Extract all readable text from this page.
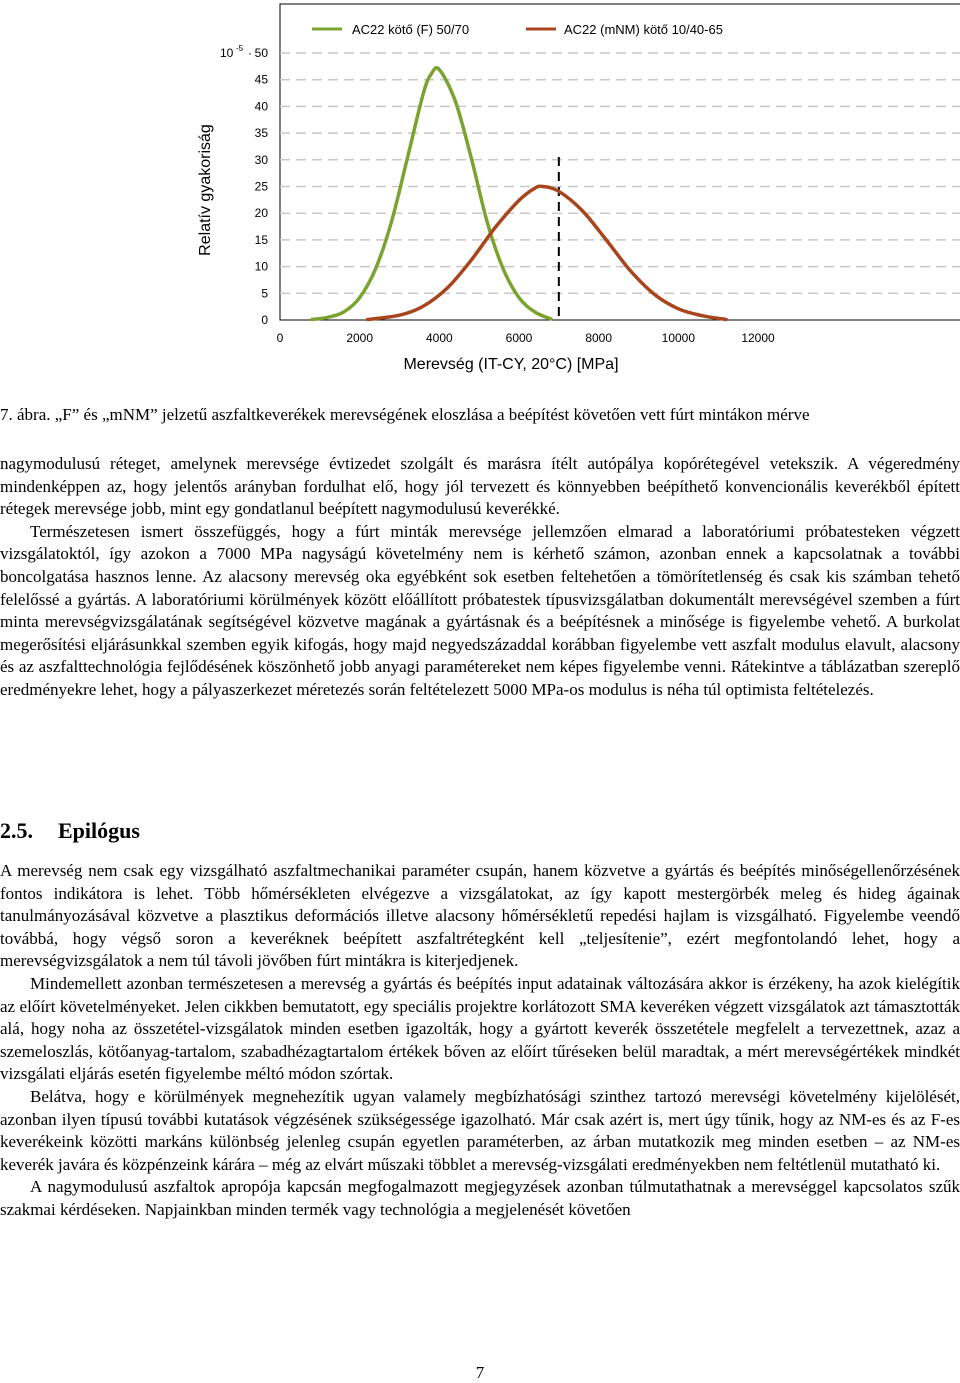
0
5
10
15
20
25
30
35
40
45
50
0	2000	4000	6000	8000	10000	12000
AC22 kötő (F) 50/70	AC22 (mNM) kötő 10/40-65
10 -5 ·
Relatív gyakoriság
Merevség (IT-CY, 20°C) [MPa]
7. ábra. „F” és „mNM” jelzetű aszfaltkeverékek merevségének eloszlása a beépítést követően vett fúrt mintákon mérve

nagymodulusú réteget, amelynek merevsége évtizedet szolgált és marásra ítélt autópálya kopórétegével vetekszik. A végeredmény mindenképpen az, hogy jelentős arányban fordulhat elő, hogy jól tervezett és könnyebben beépíthető konvencionális keverékből épített rétegek merevsége jobb, mint egy gondatlanul beépített nagymodulusú keverékké.

Természetesen ismert összefüggés, hogy a fúrt minták merevsége jellemzően elmarad a laboratóriumi próbatesteken végzett vizsgálatoktól, így azokon a 7000 MPa nagyságú követelmény nem is kérhető számon, azonban ennek a kapcsolatnak a további boncolgatása hasznos lenne. Az alacsony merevség oka egyébként sok esetben feltehetően a tömörítetlenség és csak kis számban tehető felelőssé a gyártás. A laboratóriumi körülmények között előállított próbatestek típusvizsgálatban dokumentált merevségével szemben a fúrt minta merevségvizsgálatának segítségével közvetve magának a gyártásnak és a beépítésnek a minősége is figyelembe vehető. A burkolat megerősítési eljárásunkkal szemben egyik kifogás, hogy majd negyedszázaddal korábban figyelembe vett aszfalt modulus elavult, alacsony és az aszfalttechnológia fejlődésének köszönhető jobb anyagi paramétereket nem képes figyelembe venni. Rátekintve a táblázatban szereplő eredményekre lehet, hogy a pályaszerkezet méretezés során feltételezett 5000 MPa-os modulus is néha túl optimista feltételezés.

2.5. Epilógus

A merevség nem csak egy vizsgálható aszfaltmechanikai paraméter csupán, hanem közvetve a gyártás és beépítés minőségellenőrzésének fontos indikátora is lehet. Több hőmérsékleten elvégezve a vizsgálatokat, az így kapott mestergörbék meleg és hideg ágainak tanulmányozásával közvetve a plasztikus deformációs illetve alacsony hőmérsékletű repedési hajlam is vizsgálható. Figyelembe veendő továbbá, hogy végső soron a keveréknek beépített aszfaltrétegként kell „teljesítenie”, ezért megfontolandó lehet, hogy a merevségvizsgálatok a nem túl távoli jövőben fúrt mintákra is kiterjedjenek.

Mindemellett azonban természetesen a merevség a gyártás és beépítés input adatainak változására akkor is érzékeny, ha azok kielégítik az előírt követelményeket. Jelen cikkben bemutatott, egy speciális projektre korlátozott SMA keveréken végzett vizsgálatok azt támasztották alá, hogy noha az összetétel-vizsgálatok minden esetben igazolták, hogy a gyártott keverék összetétele megfelelt a tervezettnek, azaz a szemeloszlás, kötőanyag-tartalom, szabadhézagtartalom értékek bőven az előírt tűréseken belül maradtak, a mért merevségértékek mindkét vizsgálati eljárás esetén figyelembe méltó módon szórtak.

Belátva, hogy e körülmények megnehezítik ugyan valamely megbízhatósági szinthez tartozó merevségi követelmény kijelölését, azonban ilyen típusú további kutatások végzésének szükségessége igazolható. Már csak azért is, mert úgy tűnik, hogy az NM-es és az F-es keverékeink közötti markáns különbség jelenleg csupán egyetlen paraméterben, az árban mutatkozik meg minden esetben – az NM-es keverék javára és közpénzeink kárára – még az elvárt műszaki többlet a merevség-vizsgálati eredményekben nem feltétlenül mutatható ki.

A nagymodulusú aszfaltok apropója kapcsán megfogalmazott megjegyzések azonban túlmutathatnak a merevséggel kapcsolatos szűk szakmai kérdéseken. Napjainkban minden termék vagy technológia a megjelenését követően

7
